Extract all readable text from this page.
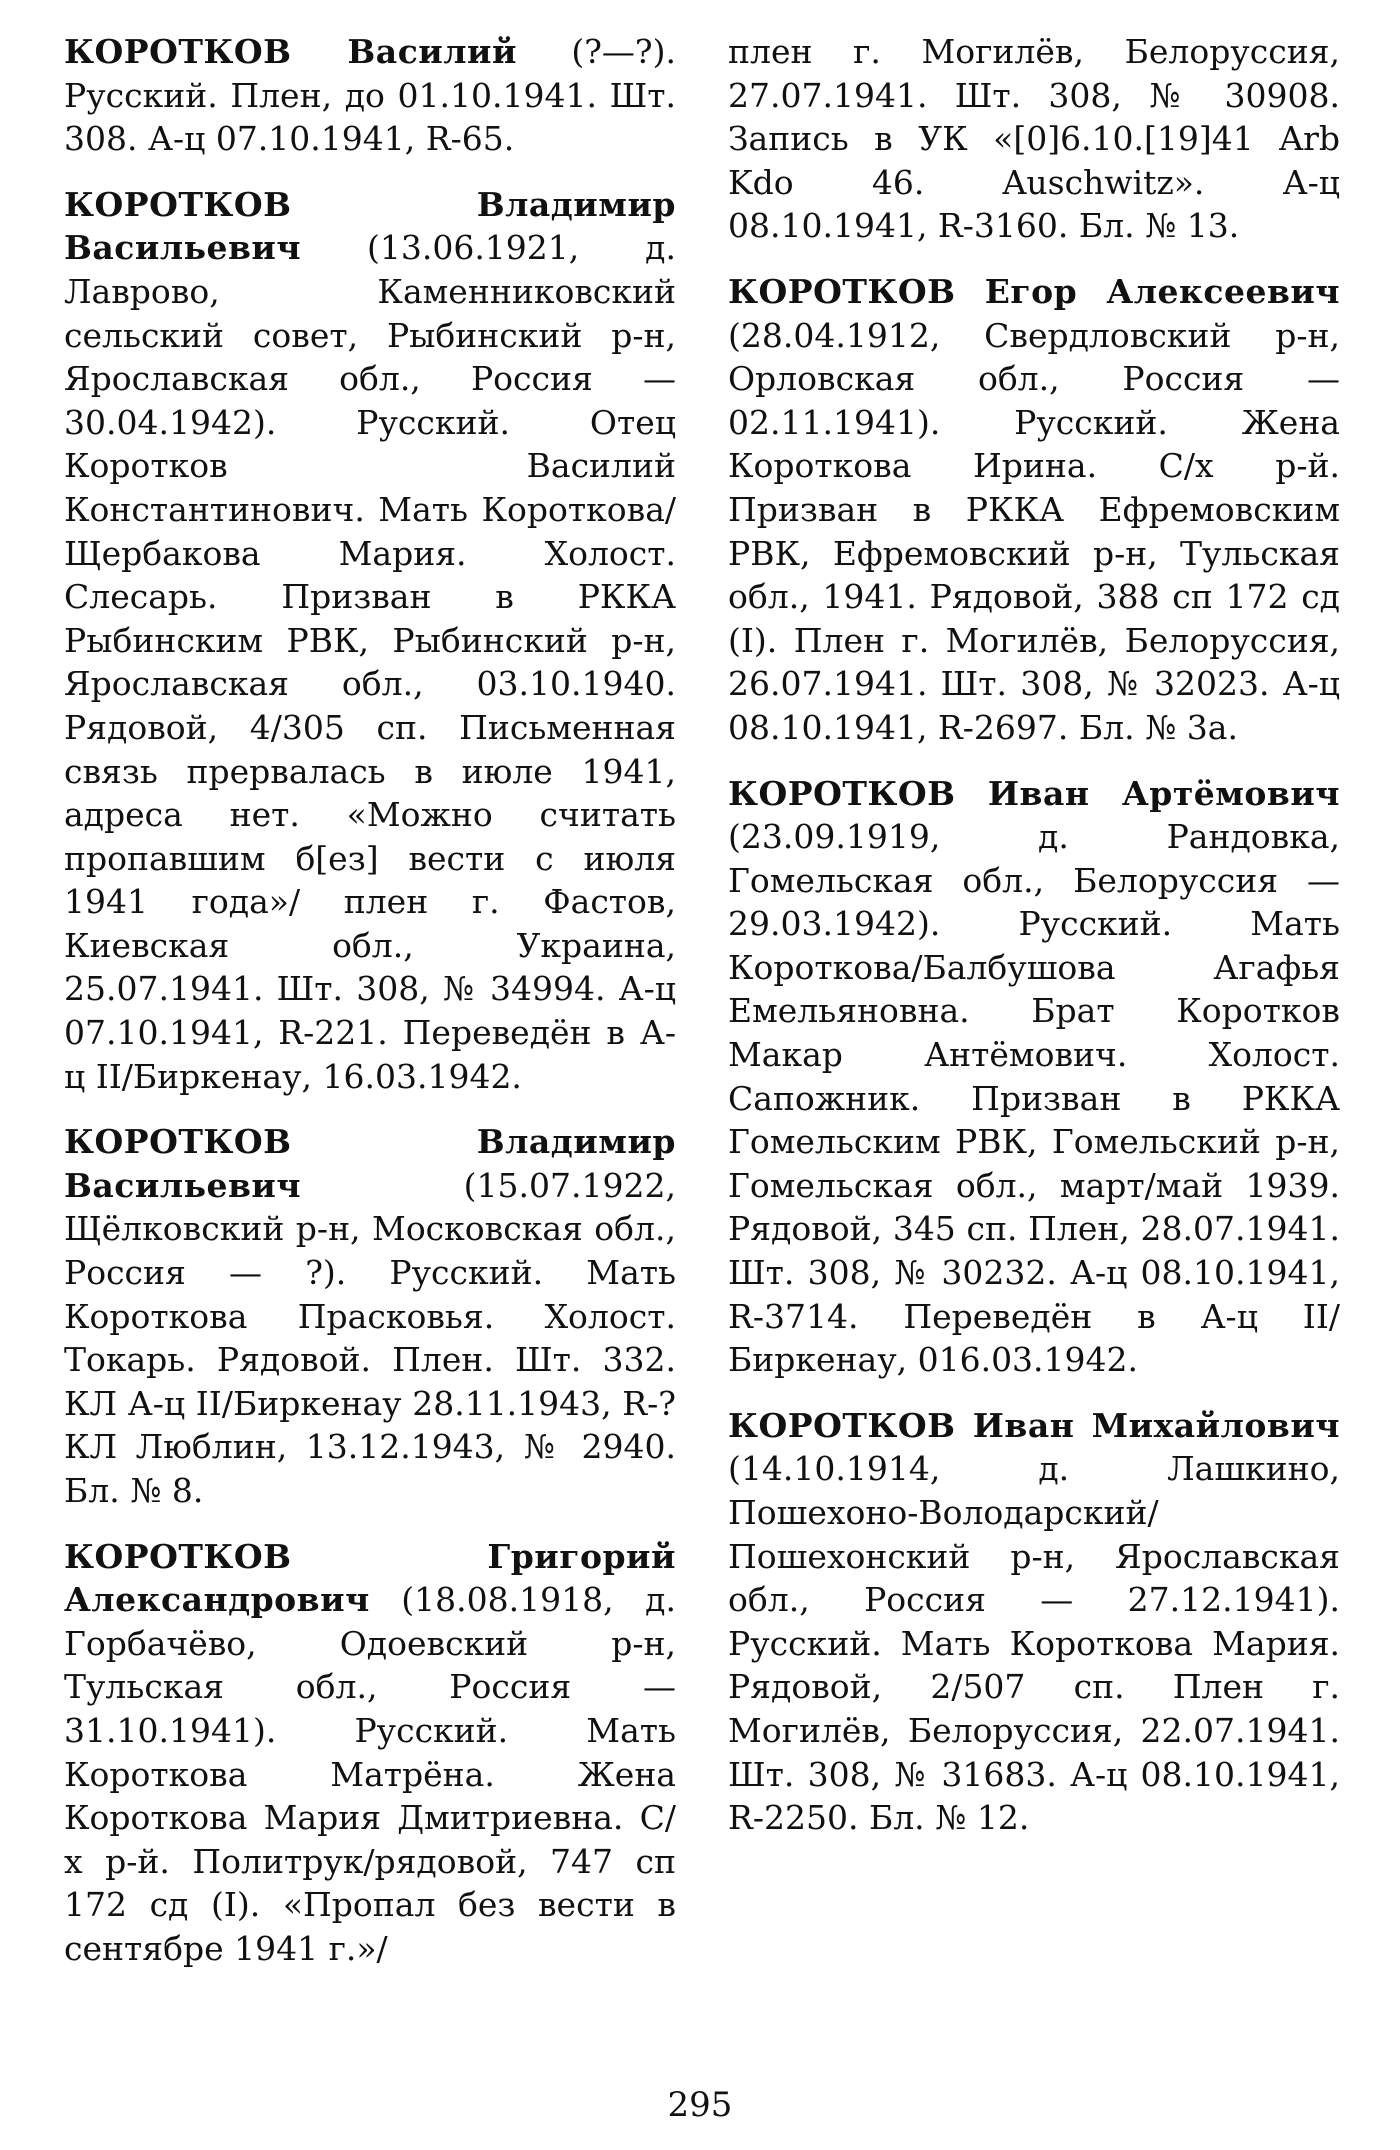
КОРОТКОВ Василий (?—?). Русский. Плен, до 01.10.1941. Шт. 308. А-ц 07.10.1941, R-65.

КОРОТКОВ Владимир Васильевич (13.06.1921, д. Лаврово, Каменниковский сельский совет, Рыбинский р-н, Ярославская обл., Россия — 30.04.1942). Русский. Отец Коротков Василий Константинович. Мать Короткова/Щербакова Мария. Холост. Слесарь. Призван в РККА Рыбинским РВК, Рыбинский р-н, Ярославская обл., 03.10.1940. Рядовой, 4/305 сп. Письменная связь прервалась в июле 1941, адреса нет. «Можно считать пропавшим б[ез] вести с июля 1941 года»/ плен г. Фастов, Киевская обл., Украина, 25.07.1941. Шт. 308, № 34994. А-ц 07.10.1941, R-221. Переведён в А-ц II/Биркенау, 16.03.1942.

КОРОТКОВ Владимир Васильевич (15.07.1922, Щёлковский р-н, Московская обл., Россия — ?). Русский. Мать Короткова Прасковья. Холост. Токарь. Рядовой. Плен. Шт. 332. КЛ А-ц II/Биркенау 28.11.1943, R-? КЛ Люблин, 13.12.1943, № 2940. Бл. № 8.

КОРОТКОВ Григорий Александрович (18.08.1918, д. Горбачёво, Одоевский р-н, Тульская обл., Россия — 31.10.1941). Русский. Мать Короткова Матрёна. Жена Короткова Мария Дмитриевна. С/х р-й. Политрук/рядовой, 747 сп 172 сд (I). «Пропал без вести в сентябре 1941 г.»/

плен г. Могилёв, Белоруссия, 27.07.1941. Шт. 308, № 30908. Запись в УК «[0]6.10.[19]41 Arb Kdo 46. Auschwitz». А-ц 08.10.1941, R-3160. Бл. № 13.

КОРОТКОВ Егор Алексеевич (28.04.1912, Свердловский р-н, Орловская обл., Россия — 02.11.1941). Русский. Жена Короткова Ирина. С/х р-й. Призван в РККА Ефремовским РВК, Ефремовский р-н, Тульская обл., 1941. Рядовой, 388 сп 172 сд (I). Плен г. Могилёв, Белоруссия, 26.07.1941. Шт. 308, № 32023. А-ц 08.10.1941, R-2697. Бл. № 3а.

КОРОТКОВ Иван Артёмович (23.09.1919, д. Рандовка, Гомельская обл., Белоруссия — 29.03.1942). Русский. Мать Короткова/Балбушова Агафья Емельяновна. Брат Коротков Макар Антёмович. Холост. Сапожник. Призван в РККА Гомельским РВК, Гомельский р-н, Гомельская обл., март/май 1939. Рядовой, 345 сп. Плен, 28.07.1941. Шт. 308, № 30232. А-ц 08.10.1941, R-3714. Переведён в А-ц II/Биркенау, 016.03.1942.

КОРОТКОВ Иван Михайлович (14.10.1914, д. Лашкино, Пошехоно-Володарский/Пошехонский р-н, Ярославская обл., Россия — 27.12.1941). Русский. Мать Короткова Мария. Рядовой, 2/507 сп. Плен г. Могилёв, Белоруссия, 22.07.1941. Шт. 308, № 31683. А-ц 08.10.1941, R-2250. Бл. № 12.

295
